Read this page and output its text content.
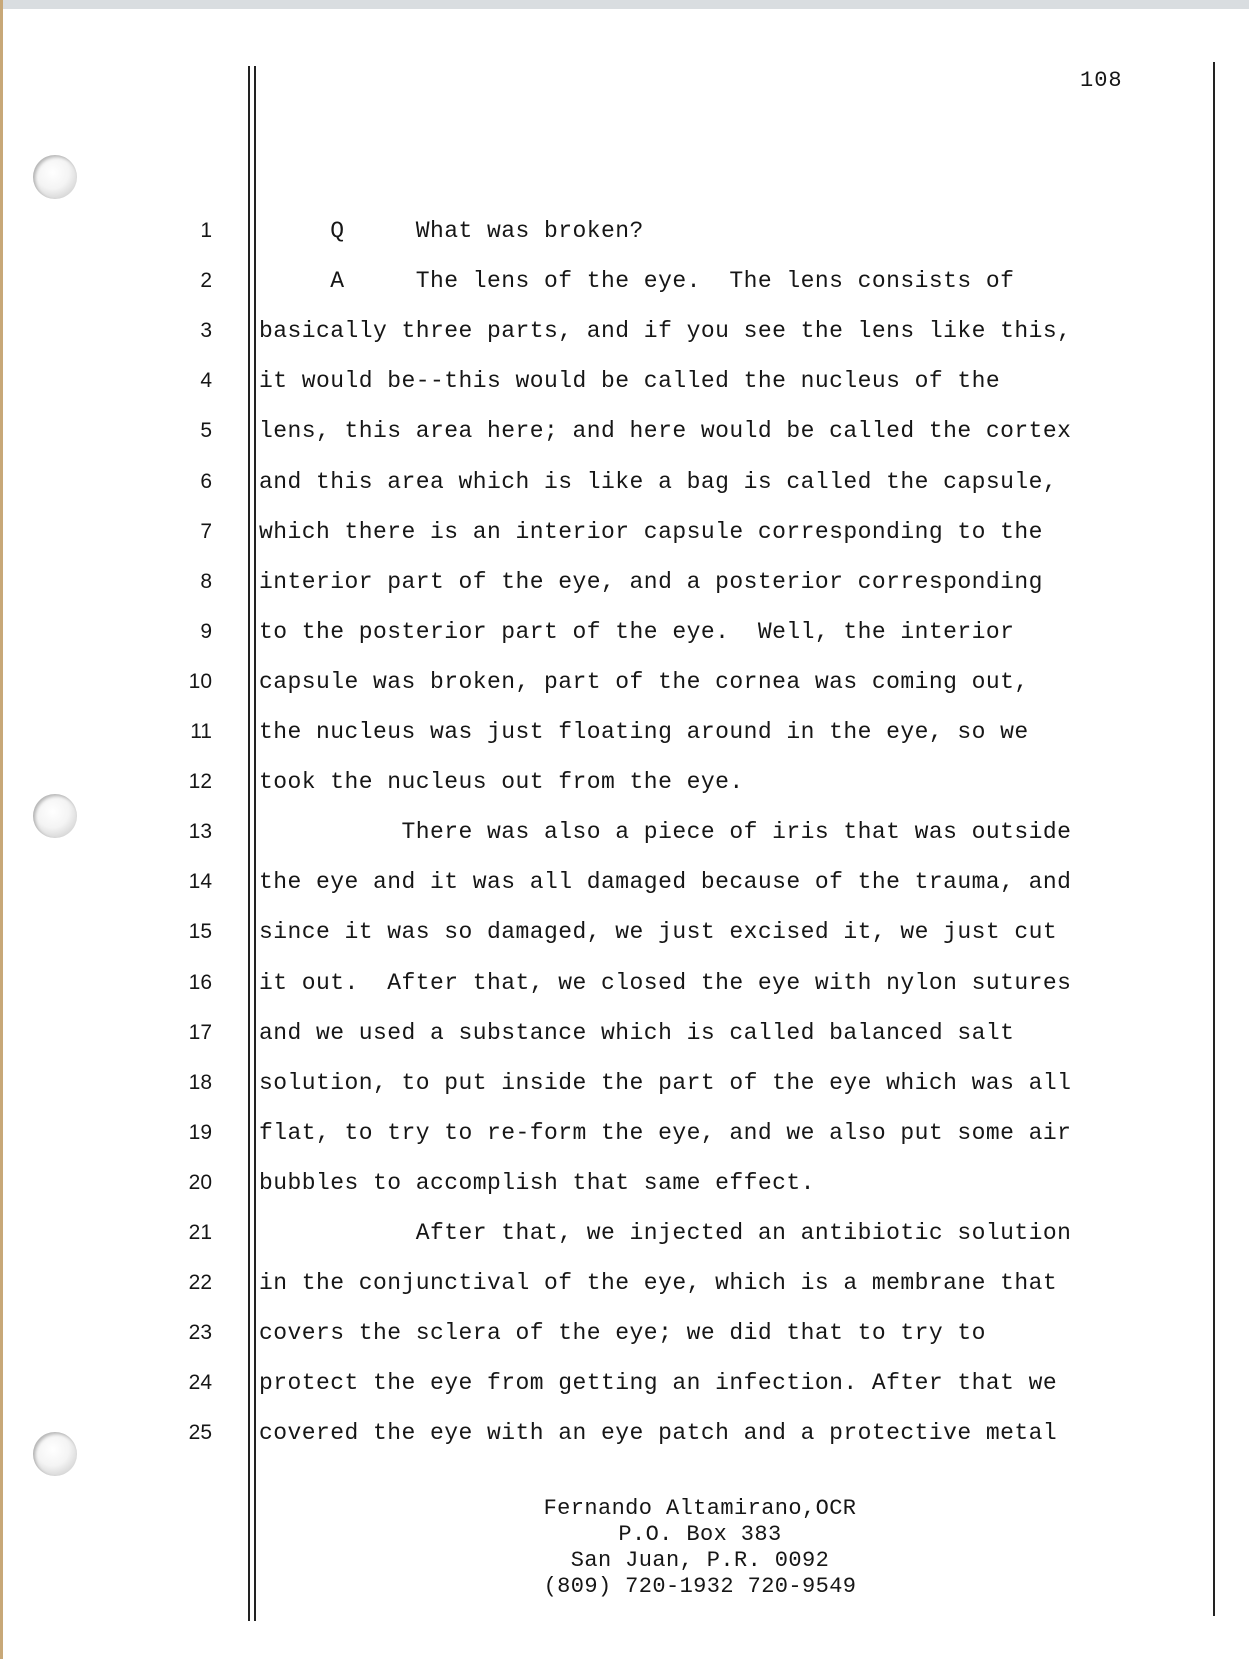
108
1 Q     What was broken?
2 A     The lens of the eye.  The lens consists of
3 basically three parts, and if you see the lens like this,
4 it would be--this would be called the nucleus of the
5 lens, this area here; and here would be called the cortex
6 and this area which is like a bag is called the capsule,
7 which there is an interior capsule corresponding to the
8 interior part of the eye, and a posterior corresponding
9 to the posterior part of the eye.  Well, the interior
10 capsule was broken, part of the cornea was coming out,
11 the nucleus was just floating around in the eye, so we
12 took the nucleus out from the eye.
13 There was also a piece of iris that was outside
14 the eye and it was all damaged because of the trauma, and
15 since it was so damaged, we just excised it, we just cut
16 it out.  After that, we closed the eye with nylon sutures
17 and we used a substance which is called balanced salt
18 solution, to put inside the part of the eye which was all
19 flat, to try to re-form the eye, and we also put some air
20 bubbles to accomplish that same effect.
21 After that, we injected an antibiotic solution
22 in the conjunctival of the eye, which is a membrane that
23 covers the sclera of the eye; we did that to try to
24 protect the eye from getting an infection. After that we
25 covered the eye with an eye patch and a protective metal
Fernando Altamirano,OCR
P.O. Box 383
San Juan, P.R. 0092
(809) 720-1932 720-9549
